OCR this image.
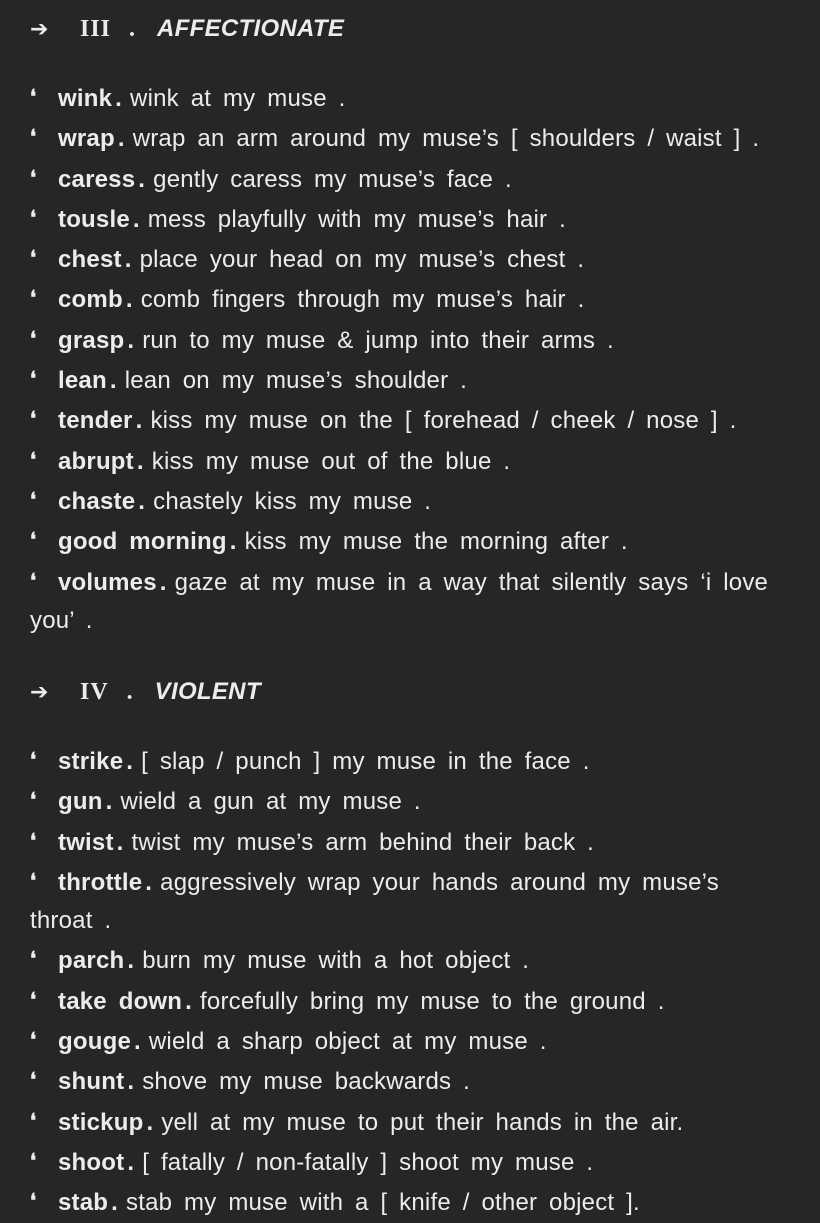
➔	III . AFFECTIONATE
❛ wink . wink at my muse .
❛ wrap . wrap an arm around my muse’s [ shoulders / waist ] .
❛ caress . gently caress my muse’s face .
❛ tousle . mess playfully with my muse’s hair .
❛ chest . place your head on my muse’s chest .
❛ comb . comb fingers through my muse’s hair .
❛ grasp . run to my muse & jump into their arms .
❛ lean . lean on my muse’s shoulder .
❛ tender . kiss my muse on the [ forehead / cheek / nose ] .
❛ abrupt . kiss my muse out of the blue .
❛ chaste . chastely kiss my muse .
❛ good morning . kiss my muse the morning after .
❛ volumes . gaze at my muse in a way that silently says ‘i love you’ .
➔	IV . VIOLENT
❛ strike . [ slap / punch ] my muse in the face .
❛ gun . wield a gun at my muse .
❛ twist . twist my muse’s arm behind their back .
❛ throttle . aggressively wrap your hands around my muse’s throat .
❛ parch . burn my muse with a hot object .
❛ take down . forcefully bring my muse to the ground .
❛ gouge . wield a sharp object at my muse .
❛ shunt . shove my muse backwards .
❛ stickup . yell at my muse to put their hands in the air.
❛ shoot . [ fatally / non-fatally ] shoot my muse .
❛ stab . stab my muse with a [ knife / other object ].
